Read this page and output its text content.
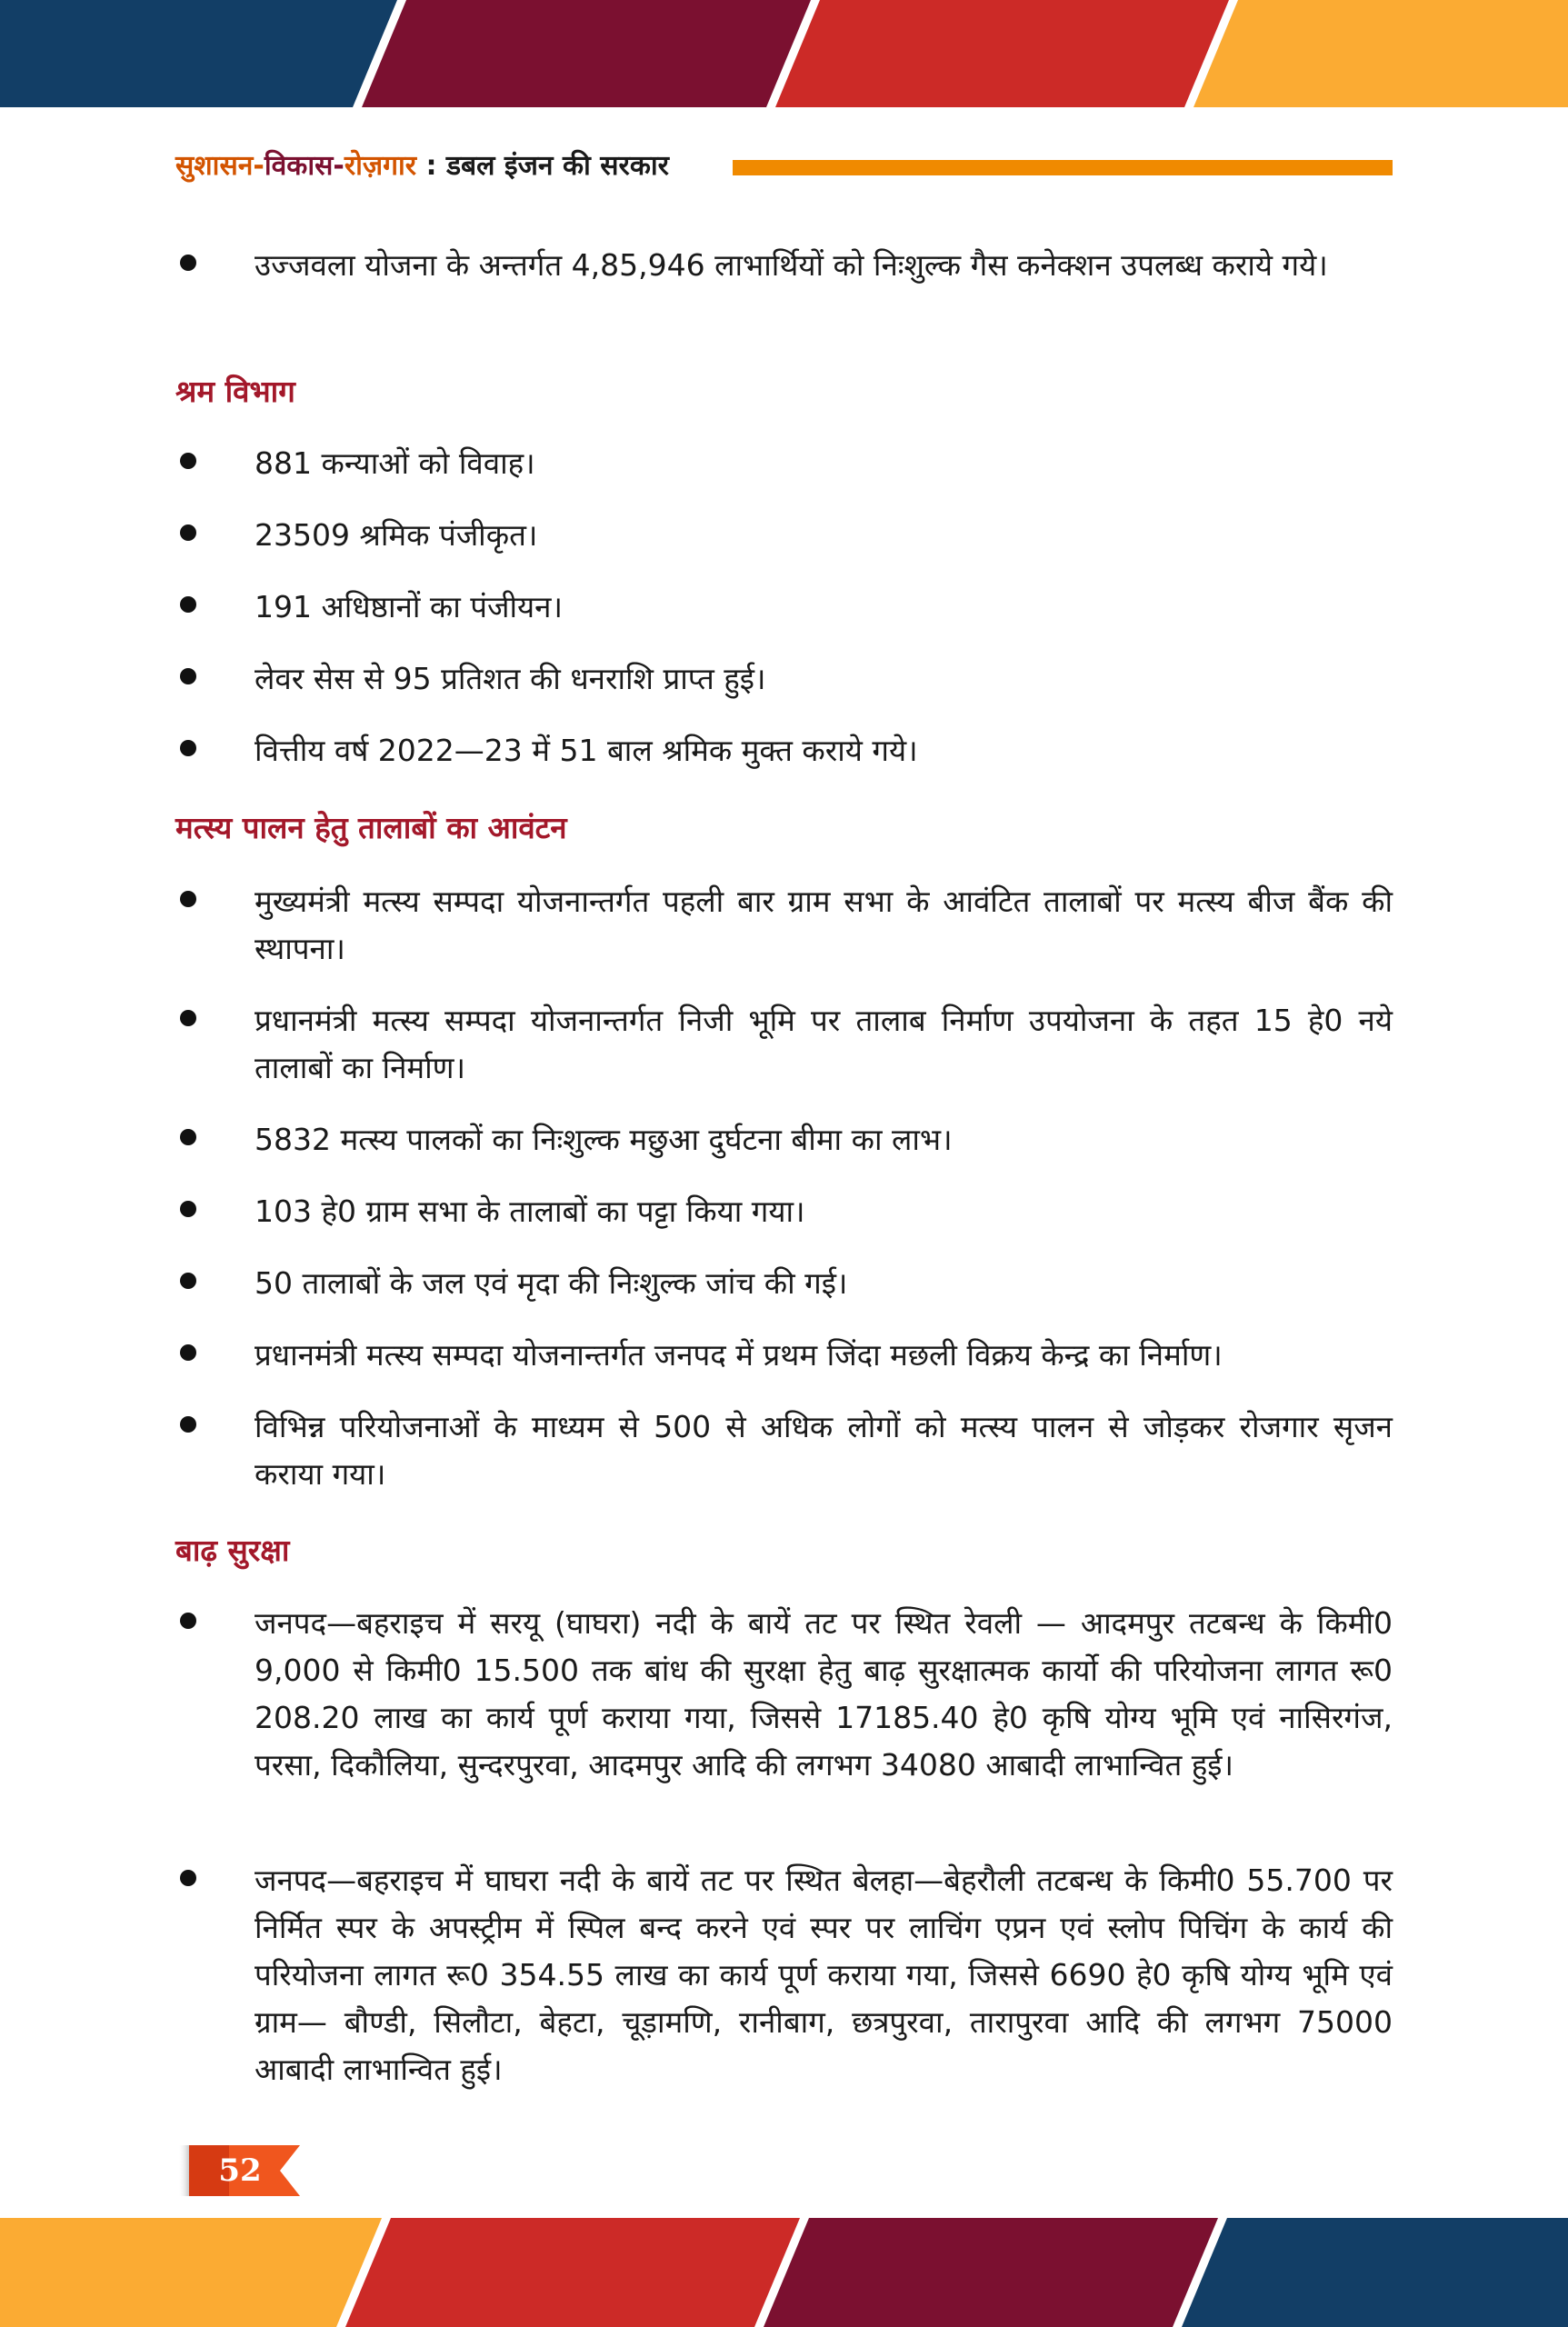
सुशासन-विकास-रोज़गार : डबल इंजन की सरकार
उज्जवला योजना के अन्तर्गत 4,85,946 लाभार्थियों को निःशुल्क गैस कनेक्शन उपलब्ध कराये गये।
श्रम विभाग
881 कन्याओं को विवाह।
23509 श्रमिक पंजीकृत।
191 अधिष्ठानों का पंजीयन।
लेवर सेस से 95 प्रतिशत की धनराशि प्राप्त हुई।
वित्तीय वर्ष 2022—23 में 51 बाल श्रमिक मुक्त कराये गये।
मत्स्य पालन हेतु तालाबों का आवंटन
मुख्यमंत्री मत्स्य सम्पदा योजनान्तर्गत पहली बार ग्राम सभा के आवंटित तालाबों पर मत्स्य बीज बैंक की स्थापना।
प्रधानमंत्री मत्स्य सम्पदा योजनान्तर्गत निजी भूमि पर तालाब निर्माण उपयोजना के तहत 15 हे0 नये तालाबों का निर्माण।
5832 मत्स्य पालकों का निःशुल्क मछुआ दुर्घटना बीमा का लाभ।
103 हे0 ग्राम सभा के तालाबों का पट्टा किया गया।
50 तालाबों के जल एवं मृदा की निःशुल्क जांच की गई।
प्रधानमंत्री मत्स्य सम्पदा योजनान्तर्गत जनपद में प्रथम जिंदा मछली विक्रय केन्द्र का निर्माण।
विभिन्न परियोजनाओं के माध्यम से 500 से अधिक लोगों को मत्स्य पालन से जोड़कर रोजगार सृजन कराया गया।
बाढ़ सुरक्षा
जनपद—बहराइच में सरयू (घाघरा) नदी के बायें तट पर स्थित रेवली — आदमपुर तटबन्ध के किमी0 9,000 से किमी0 15.500 तक बांध की सुरक्षा हेतु बाढ़ सुरक्षात्मक कार्यो की परियोजना लागत रू0 208.20 लाख का कार्य पूर्ण कराया गया, जिससे 17185.40 हे0 कृषि योग्य भूमि एवं नासिरगंज, परसा, दिकौलिया, सुन्दरपुरवा, आदमपुर आदि की लगभग 34080 आबादी लाभान्वित हुई।
जनपद—बहराइच में घाघरा नदी के बायें तट पर स्थित बेलहा—बेहरौली तटबन्ध के किमी0 55.700 पर निर्मित स्पर के अपस्ट्रीम में स्पिल बन्द करने एवं स्पर पर लाचिंग एप्रन एवं स्लोप पिचिंग के कार्य की परियोजना लागत रू0 354.55 लाख का कार्य पूर्ण कराया गया, जिससे 6690 हे0 कृषि योग्य भूमि एवं ग्राम— बौण्डी, सिलौटा, बेहटा, चूड़ामणि, रानीबाग, छत्रपुरवा, तारापुरवा आदि की लगभग 75000 आबादी लाभान्वित हुई।
52
